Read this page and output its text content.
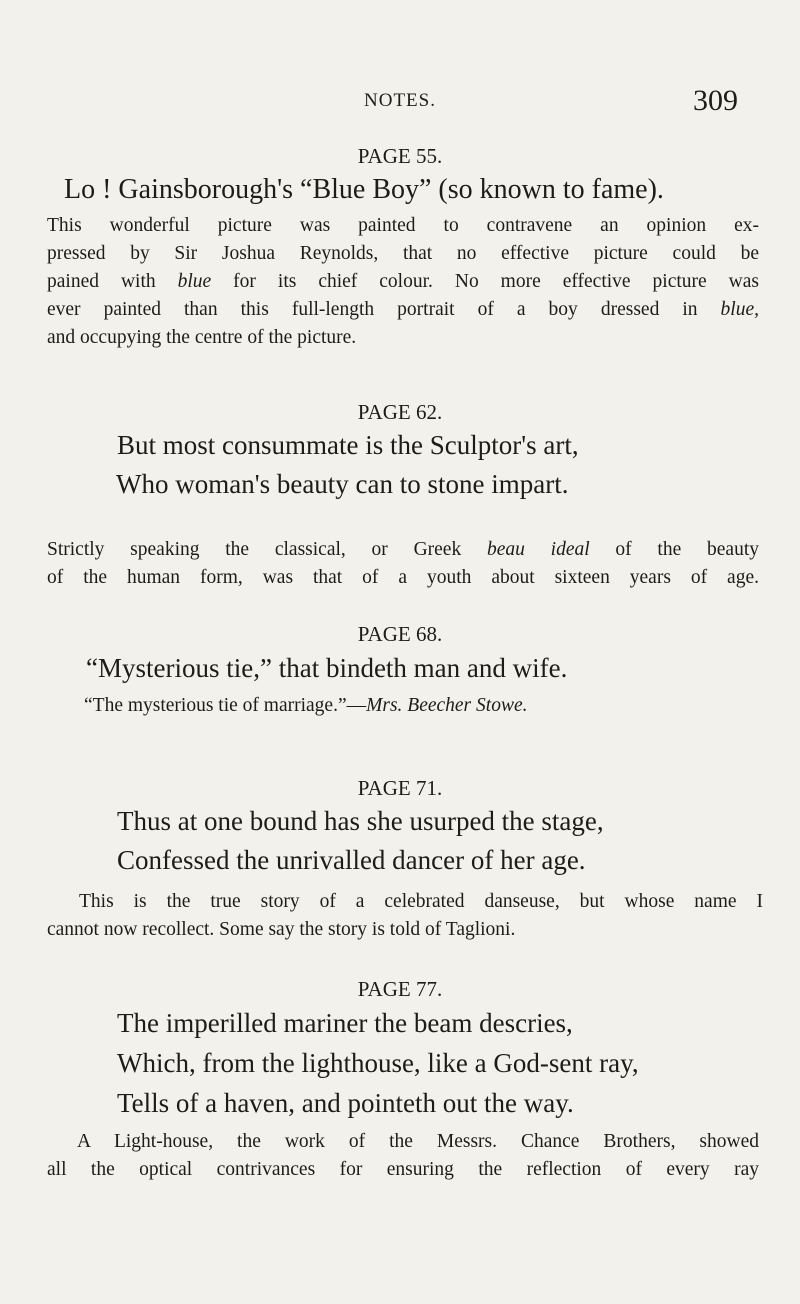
NOTES.	309
PAGE 55.
Lo ! Gainsborough's “Blue Boy” (so known to fame).
This wonderful picture was painted to contravene an opinion ex-
pressed by Sir Joshua Reynolds, that no effective picture could be
pained with blue for its chief colour. No more effective picture was
ever painted than this full-length portrait of a boy dressed in blue,
and occupying the centre of the picture.
PAGE 62.
But most consummate is the Sculptor's art,
Who woman's beauty can to stone impart.
Strictly speaking the classical, or Greek beau ideal of the beauty
of the human form, was that of a youth about sixteen years of age.
PAGE 68.
“Mysterious tie,” that bindeth man and wife.
“The mysterious tie of marriage.”—Mrs. Beecher Stowe.
PAGE 71.
Thus at one bound has she usurped the stage,
Confessed the unrivalled dancer of her age.
This is the true story of a celebrated danseuse, but whose name I
cannot now recollect. Some say the story is told of Taglioni.
PAGE 77.
The imperilled mariner the beam descries,
Which, from the lighthouse, like a God-sent ray,
Tells of a haven, and pointeth out the way.
A Light-house, the work of the Messrs. Chance Brothers, showed
all the optical contrivances for ensuring the reflection of every ray
